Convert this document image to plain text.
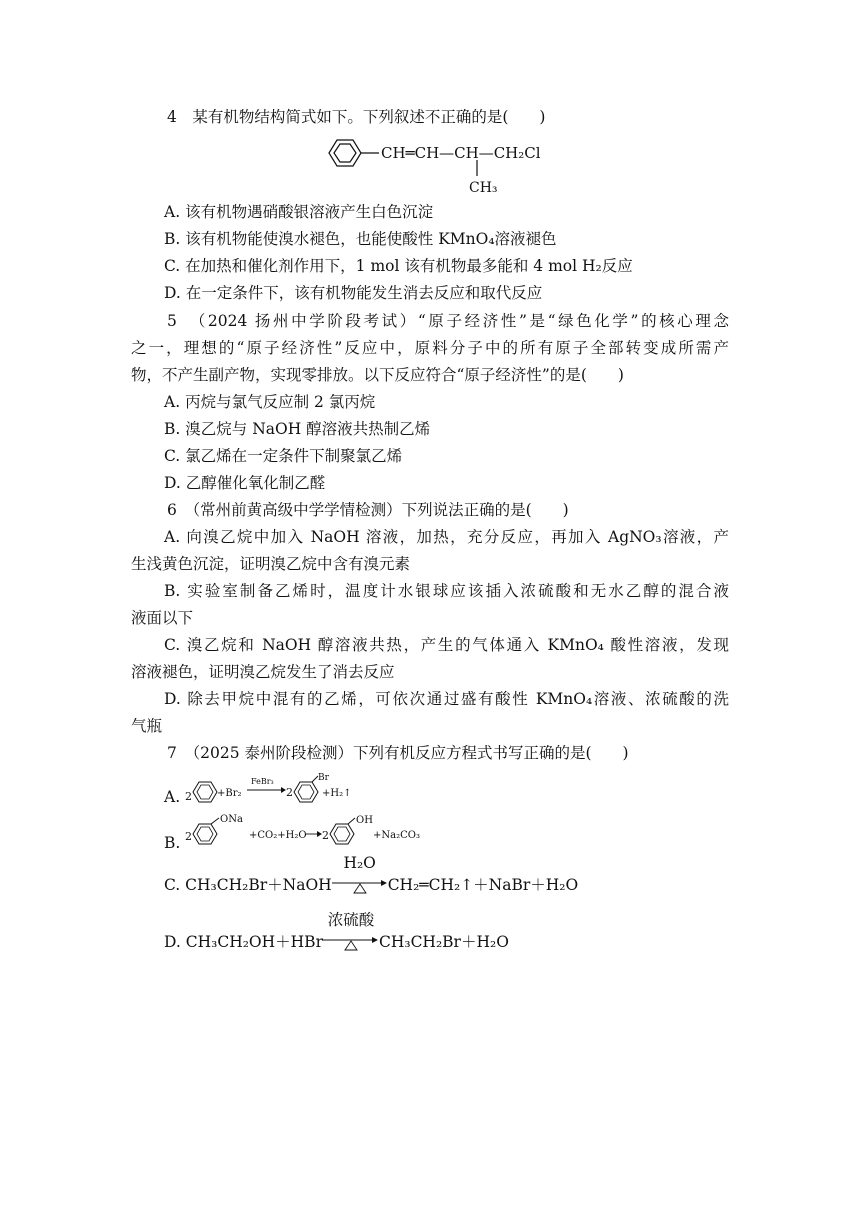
4　某有机物结构简式如下。下列叙述不正确的是(　　)
CH═CH—CH—CH₂Cl
CH₃
A. 该有机物遇硝酸银溶液产生白色沉淀
B. 该有机物能使溴水褪色，也能使酸性 KMnO₄溶液褪色
C. 在加热和催化剂作用下，1 mol 该有机物最多能和 4 mol H₂反应
D. 在一定条件下，该有机物能发生消去反应和取代反应
5　（2024 扬州中学阶段考试）“原子经济性”是“绿色化学”的核心理念
之一，理想的“原子经济性”反应中，原料分子中的所有原子全部转变成所需产
物，不产生副产物，实现零排放。以下反应符合“原子经济性”的是(　　)
A. 丙烷与氯气反应制 2 氯丙烷
B. 溴乙烷与 NaOH 醇溶液共热制乙烯
C. 氯乙烯在一定条件下制聚氯乙烯
D. 乙醇催化氧化制乙醛
6　（常州前黄高级中学学情检测）下列说法正确的是(　　)
A. 向溴乙烷中加入 NaOH 溶液，加热，充分反应，再加入 AgNO₃溶液，产
生浅黄色沉淀，证明溴乙烷中含有溴元素
B. 实验室制备乙烯时，温度计水银球应该插入浓硫酸和无水乙醇的混合液
液面以下
C. 溴乙烷和 NaOH 醇溶液共热，产生的气体通入 KMnO₄ 酸性溶液，发现
溶液褪色，证明溴乙烷发生了消去反应
D. 除去甲烷中混有的乙烯，可依次通过盛有酸性 KMnO₄溶液、浓硫酸的洗
气瓶
7　（2025 泰州阶段检测）下列有机反应方程式书写正确的是(　　)
A. 2	+Br₂
FeBr₃
2
Br
+H₂↑
B. 2
ONa
+CO₂+H₂O 2
OH
+Na₂CO₃
C. CH₃CH₂Br＋NaOH
H₂O
CH₂═CH₂↑＋NaBr＋H₂O
D. CH₃CH₂OH＋HBr
浓硫酸
CH₃CH₂Br＋H₂O
